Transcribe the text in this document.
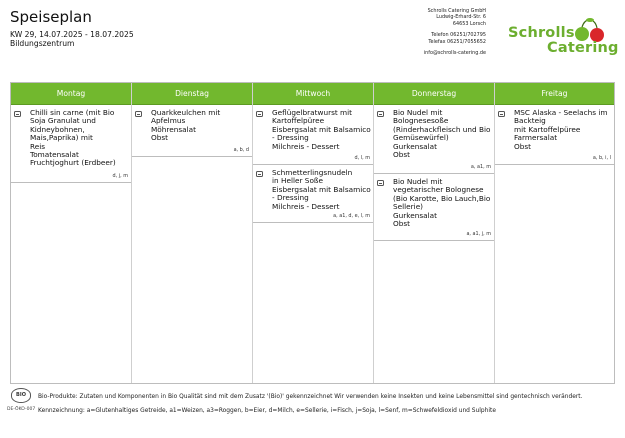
Speiseplan
KW 29, 14.07.2025 - 18.07.2025
Bildungszentrum
Schrolls Catering GmbH
Ludwig-Erhard-Str. 6
64653 Lorsch
Telefon 06251/702795
Telefax 06251/7055652
info@schrolls-catering.de
Schrolls
Catering
Montag
Chilli sin carne (mit Bio
Soja Granulat und
Kidneybohnen,
Mais,Paprika) mit
Reis
Tomatensalat
Fruchtjoghurt (Erdbeer)
d, j, m
Dienstag
Quarkkeulchen mit
Apfelmus
Möhrensalat
Obst
a, b, d
Mittwoch
Geflügelbratwurst mit
Kartoffelpüree
Eisbergsalat mit Balsamico
- Dressing
Milchreis - Dessert
d, l, m
Schmetterlingsnudeln
in Heller Soße
Eisbergsalat mit Balsamico
- Dressing
Milchreis - Dessert
a, a1, d, e, l, m
Donnerstag
Bio Nudel mit
Bolognesesoße
(Rinderhackfleisch und Bio
Gemüsewürfel)
Gurkensalat
Obst
a, a1, m
Bio Nudel mit
vegetarischer Bolognese
(Bio Karotte, Bio Lauch,Bio
Sellerie)
Gurkensalat
Obst
a, a1, j, m
Freitag
MSC Alaska - Seelachs im
Backteig
mit Kartoffelpüree
Farmersalat
Obst
a, b, i, l
BIO
DE-ÖKO-007
Bio-Produkte: Zutaten und Komponenten in Bio Qualität sind mit dem Zusatz '(Bio)' gekennzeichnet Wir verwenden keine Insekten und keine Lebensmittel sind gentechnisch verändert.
Kennzeichnung: a=Glutenhaltiges Getreide, a1=Weizen, a3=Roggen, b=Eier, d=Milch, e=Sellerie, i=Fisch, j=Soja, l=Senf, m=Schwefeldioxid und Sulphite
